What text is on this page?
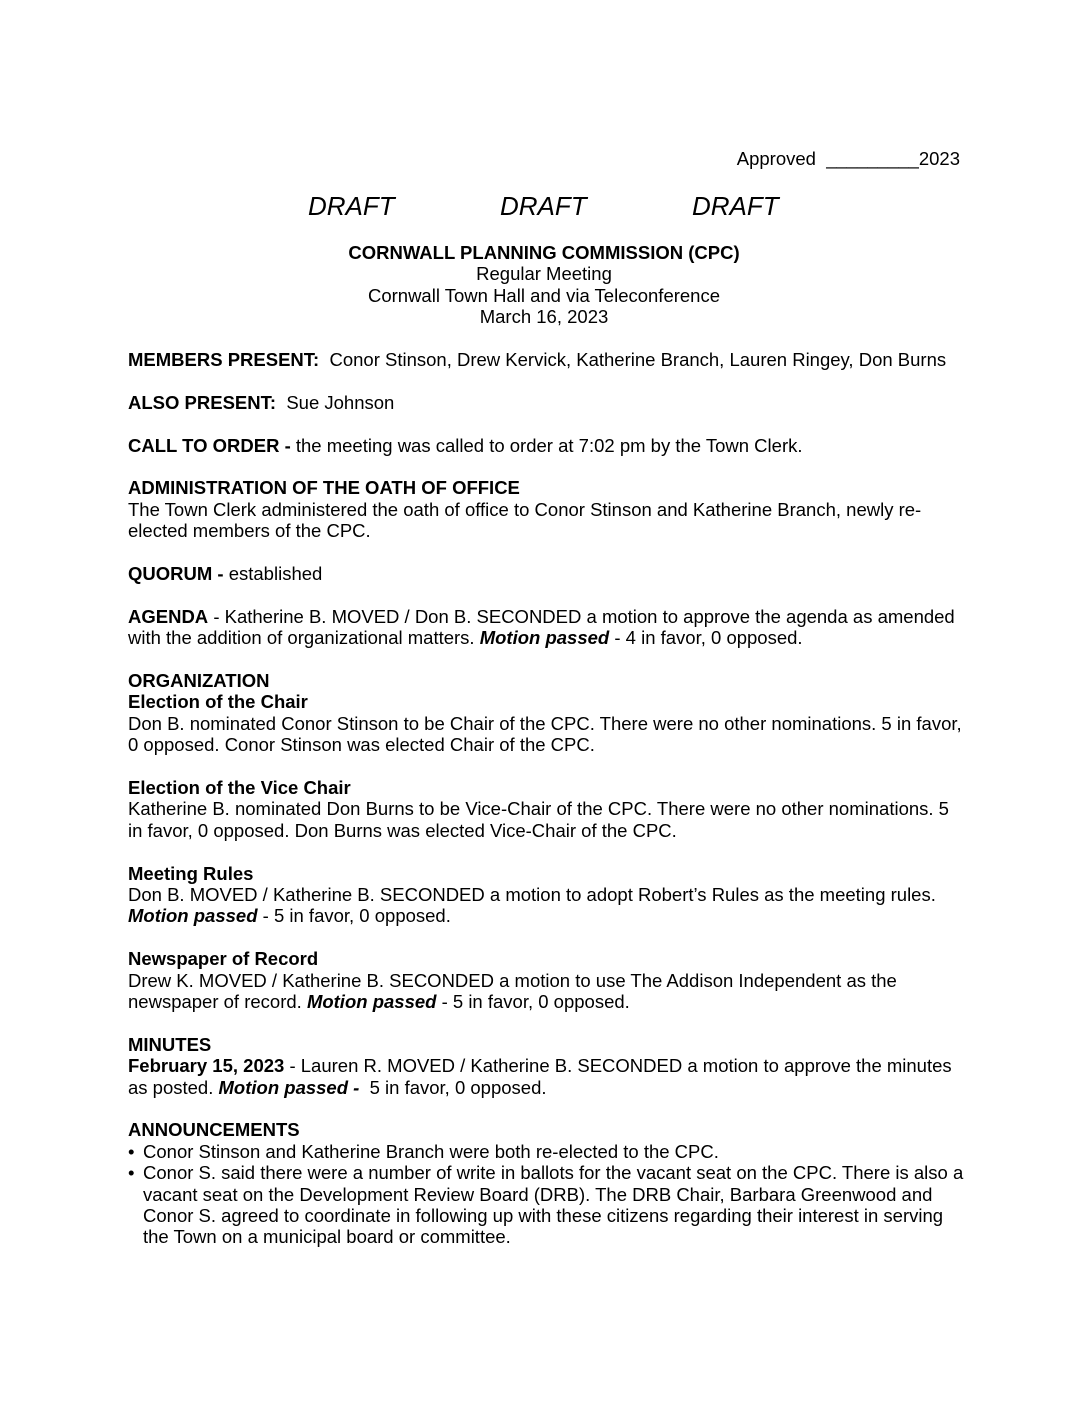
Approved _________2023
DRAFT	DRAFT	DRAFT
CORNWALL PLANNING COMMISSION (CPC)
Regular Meeting
Cornwall Town Hall and via Teleconference
March 16, 2023
MEMBERS PRESENT: Conor Stinson, Drew Kervick, Katherine Branch, Lauren Ringey, Don Burns
ALSO PRESENT: Sue Johnson
CALL TO ORDER - the meeting was called to order at 7:02 pm by the Town Clerk.
ADMINISTRATION OF THE OATH OF OFFICE
The Town Clerk administered the oath of office to Conor Stinson and Katherine Branch, newly re-elected members of the CPC.
QUORUM - established
AGENDA - Katherine B. MOVED / Don B. SECONDED a motion to approve the agenda as amended with the addition of organizational matters. Motion passed - 4 in favor, 0 opposed.
ORGANIZATION
Election of the Chair
Don B. nominated Conor Stinson to be Chair of the CPC. There were no other nominations. 5 in favor, 0 opposed. Conor Stinson was elected Chair of the CPC.
Election of the Vice Chair
Katherine B. nominated Don Burns to be Vice-Chair of the CPC. There were no other nominations. 5 in favor, 0 opposed. Don Burns was elected Vice-Chair of the CPC.
Meeting Rules
Don B. MOVED / Katherine B. SECONDED a motion to adopt Robert’s Rules as the meeting rules. Motion passed - 5 in favor, 0 opposed.
Newspaper of Record
Drew K. MOVED / Katherine B. SECONDED a motion to use The Addison Independent as the newspaper of record. Motion passed - 5 in favor, 0 opposed.
MINUTES
February 15, 2023 - Lauren R. MOVED / Katherine B. SECONDED a motion to approve the minutes as posted. Motion passed - 5 in favor, 0 opposed.
ANNOUNCEMENTS
• Conor Stinson and Katherine Branch were both re-elected to the CPC.
• Conor S. said there were a number of write in ballots for the vacant seat on the CPC. There is also a vacant seat on the Development Review Board (DRB). The DRB Chair, Barbara Greenwood and Conor S. agreed to coordinate in following up with these citizens regarding their interest in serving the Town on a municipal board or committee.
